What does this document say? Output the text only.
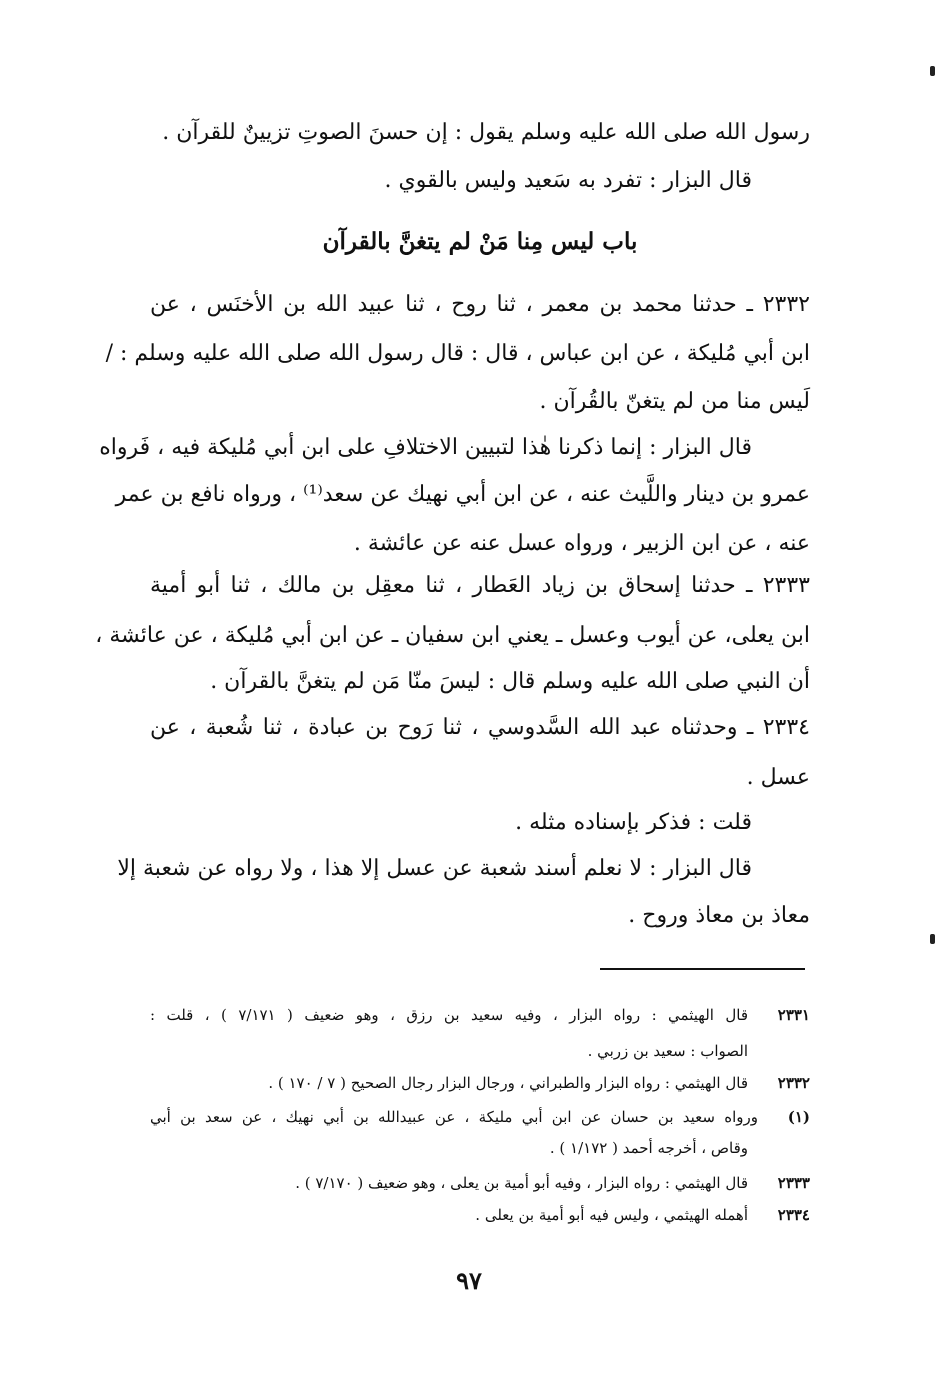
رسول الله صلى الله عليه وسلم يقول : إن حسنَ الصوتِ تزيينٌ للقرآن .
قال البزار : تفرد به سَعيد وليس بالقوي .
باب ليس مِنا مَنْ لم يتغنَّ بالقرآن
٢٣٣٢ ـ حدثنا محمد بن معمر ، ثنا روح ، ثنا عبيد الله بن الأخنَس ، عن
ابن أبي مُليكة ، عن ابن عباس ، قال : قال رسول الله صلى الله عليه وسلم : /
لَيس منا من لم يتغنّ بالقُرآن .
قال البزار : إنما ذكرنا هٰذا لتبيين الاختلافِ على ابن أبي مُليكة فيه ، فَرواه
عمرو بن دينار واللَّيث عنه ، عن ابن أبي نهيك عن سعد⁽¹⁾ ، ورواه نافع بن عمر
عنه ، عن ابن الزبير ، ورواه عسل عنه عن عائشة .
٢٣٣٣ ـ حدثنا إسحاق بن زياد العَطار ، ثنا معقِل بن مالك ، ثنا أبو أمية
ابن يعلى، عن أيوب وعسل ـ يعني ابن سفيان ـ عن ابن أبي مُليكة ، عن عائشة ،
أن النبي صلى الله عليه وسلم قال : ليسَ منّا مَن لم يتغنَّ بالقرآن .
٢٣٣٤ ـ وحدثناه عبد الله السَّدوسي ، ثنا رَوح بن عبادة ، ثنا شُعبة ، عن
عسل .
قلت : فذكر بإسناده مثله .
قال البزار : لا نعلم أسند شعبة عن عسل إلا هذا ، ولا رواه عن شعبة إلا
معاذ بن معاذ وروح .
٢٣٣١
قال الهيثمي : رواه البزار ، وفيه سعيد بن رزق ، وهو ضعيف ( ٧/١٧١ ) ، قلت :
الصواب : سعيد بن زربي .
٢٣٣٢
قال الهيثمي : رواه البزار والطبراني ، ورجال البزار رجال الصحيح ( ٧ / ١٧٠ ) .
(١)
ورواه سعيد بن حسان عن ابن أبي مليكة ، عن عبيدالله بن أبي نهيك ، عن سعد بن أبي
وقاص ، أخرجه أحمد ( ١/١٧٢ ) .
٢٣٣٣
قال الهيثمي : رواه البزار ، وفيه أبو أمية بن يعلى ، وهو ضعيف ( ٧/١٧٠ ) .
٢٣٣٤
أهمله الهيثمي ، وليس فيه أبو أمية بن يعلى .
٩٧
